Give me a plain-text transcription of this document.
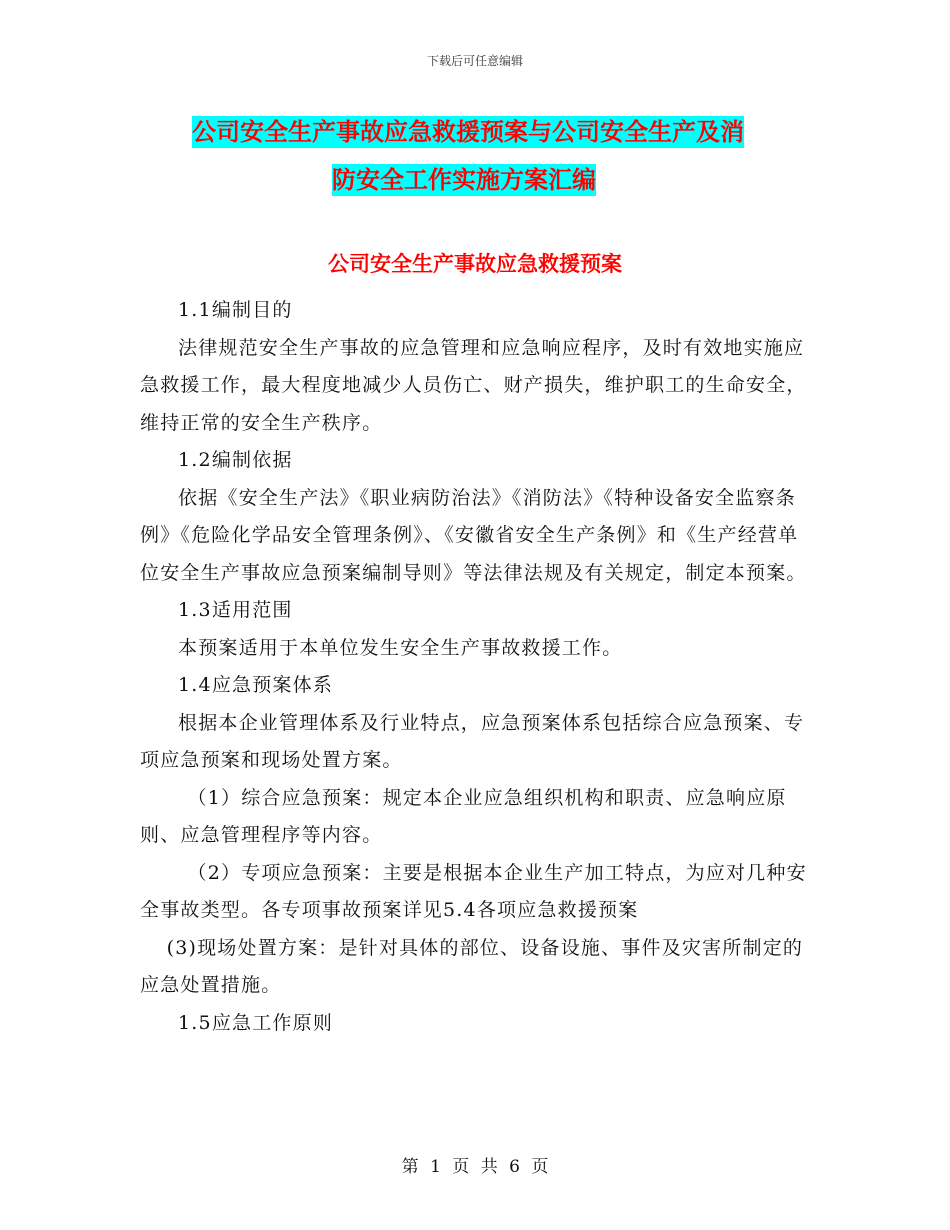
下载后可任意编辑
公司安全生产事故应急救援预案与公司安全生产及消
防安全工作实施方案汇编
公司安全生产事故应急救援预案

1.1编制目的

法律规范安全生产事故的应急管理和应急响应程序，及时有效地实施应急救援工作，最大程度地减少人员伤亡、财产损失，维护职工的生命安全，维持正常的安全生产秩序。

1.2编制依据

依据《安全生产法》《职业病防治法》《消防法》《特种设备安全监察条例》《危险化学品安全管理条例》、《安徽省安全生产条例》和《生产经营单位安全生产事故应急预案编制导则》等法律法规及有关规定，制定本预案。

1.3适用范围

本预案适用于本单位发生安全生产事故救援工作。

1.4应急预案体系

根据本企业管理体系及行业特点，应急预案体系包括综合应急预案、专项应急预案和现场处置方案。

（1）综合应急预案：规定本企业应急组织机构和职责、应急响应原则、应急管理程序等内容。

（2）专项应急预案：主要是根据本企业生产加工特点，为应对几种安全事故类型。各专项事故预案详见5.4各项应急救援预案

(3)现场处置方案：是针对具体的部位、设备设施、事件及灾害所制定的应急处置措施。

1.5应急工作原则

第 1 页 共 6 页
